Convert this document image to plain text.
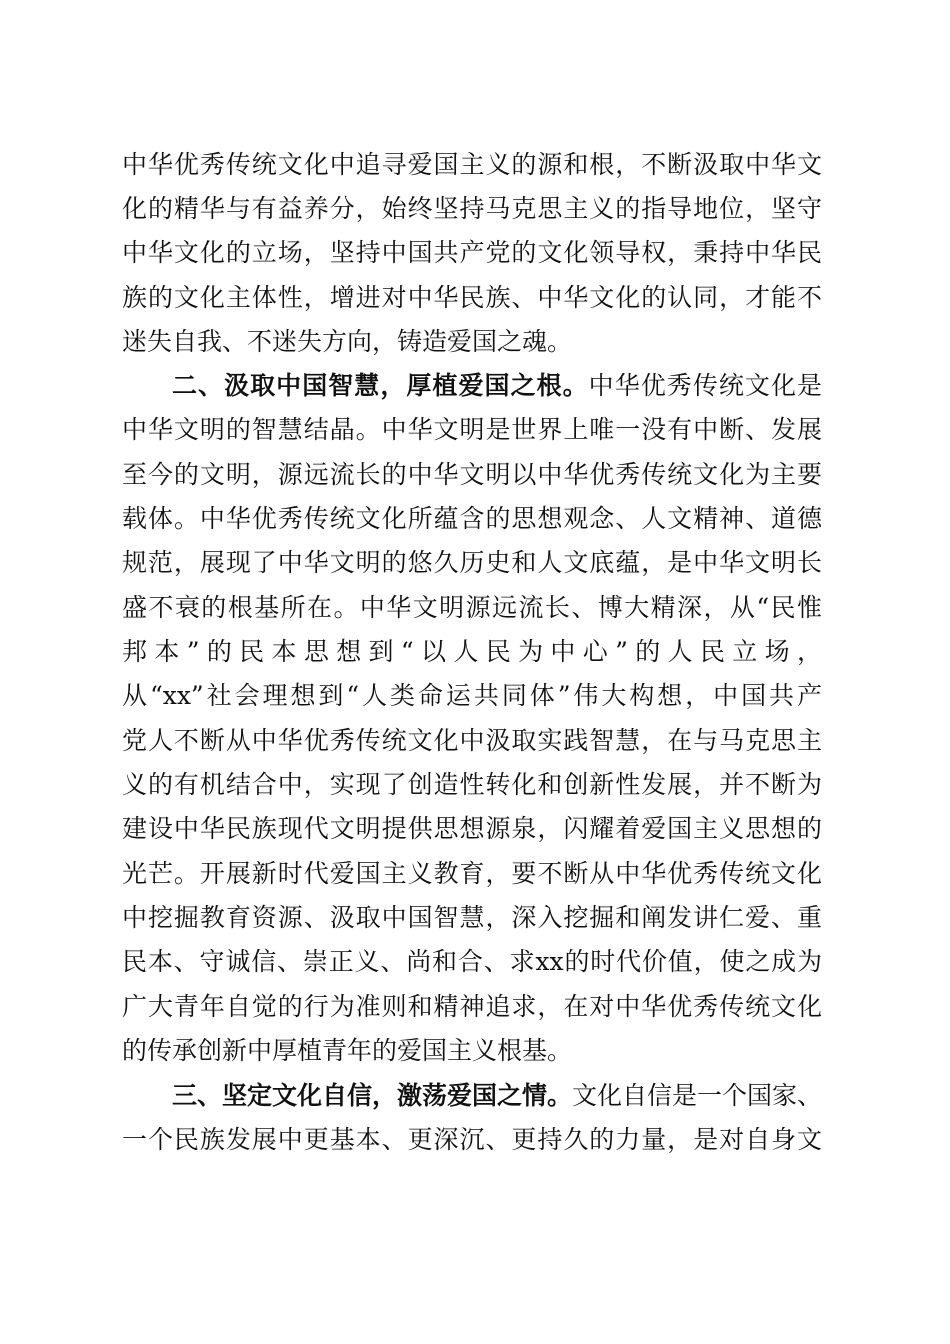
中华优秀传统文化中追寻爱国主义的源和根，不断汲取中华文
化的精华与有益养分，始终坚持马克思主义的指导地位，坚守
中华文化的立场，坚持中国共产党的文化领导权，秉持中华民
族的文化主体性，增进对中华民族、中华文化的认同，才能不
迷失自我、不迷失方向，铸造爱国之魂。
二、汲取中国智慧，厚植爱国之根。中华优秀传统文化是
中华文明的智慧结晶。中华文明是世界上唯一没有中断、发展
至今的文明，源远流长的中华文明以中华优秀传统文化为主要
载体。中华优秀传统文化所蕴含的思想观念、人文精神、道德
规范，展现了中华文明的悠久历史和人文底蕴，是中华文明长
盛不衰的根基所在。中华文明源远流长、博大精深，从“民惟
邦本”的民本思想到“以人民为中心”的人民立场，
从“xx”社会理想到“人类命运共同体”伟大构想，中国共产
党人不断从中华优秀传统文化中汲取实践智慧，在与马克思主
义的有机结合中，实现了创造性转化和创新性发展，并不断为
建设中华民族现代文明提供思想源泉，闪耀着爱国主义思想的
光芒。开展新时代爱国主义教育，要不断从中华优秀传统文化
中挖掘教育资源、汲取中国智慧，深入挖掘和阐发讲仁爱、重
民本、守诚信、崇正义、尚和合、求xx的时代价值，使之成为
广大青年自觉的行为准则和精神追求，在对中华优秀传统文化
的传承创新中厚植青年的爱国主义根基。
三、坚定文化自信，激荡爱国之情。文化自信是一个国家、
一个民族发展中更基本、更深沉、更持久的力量，是对自身文
